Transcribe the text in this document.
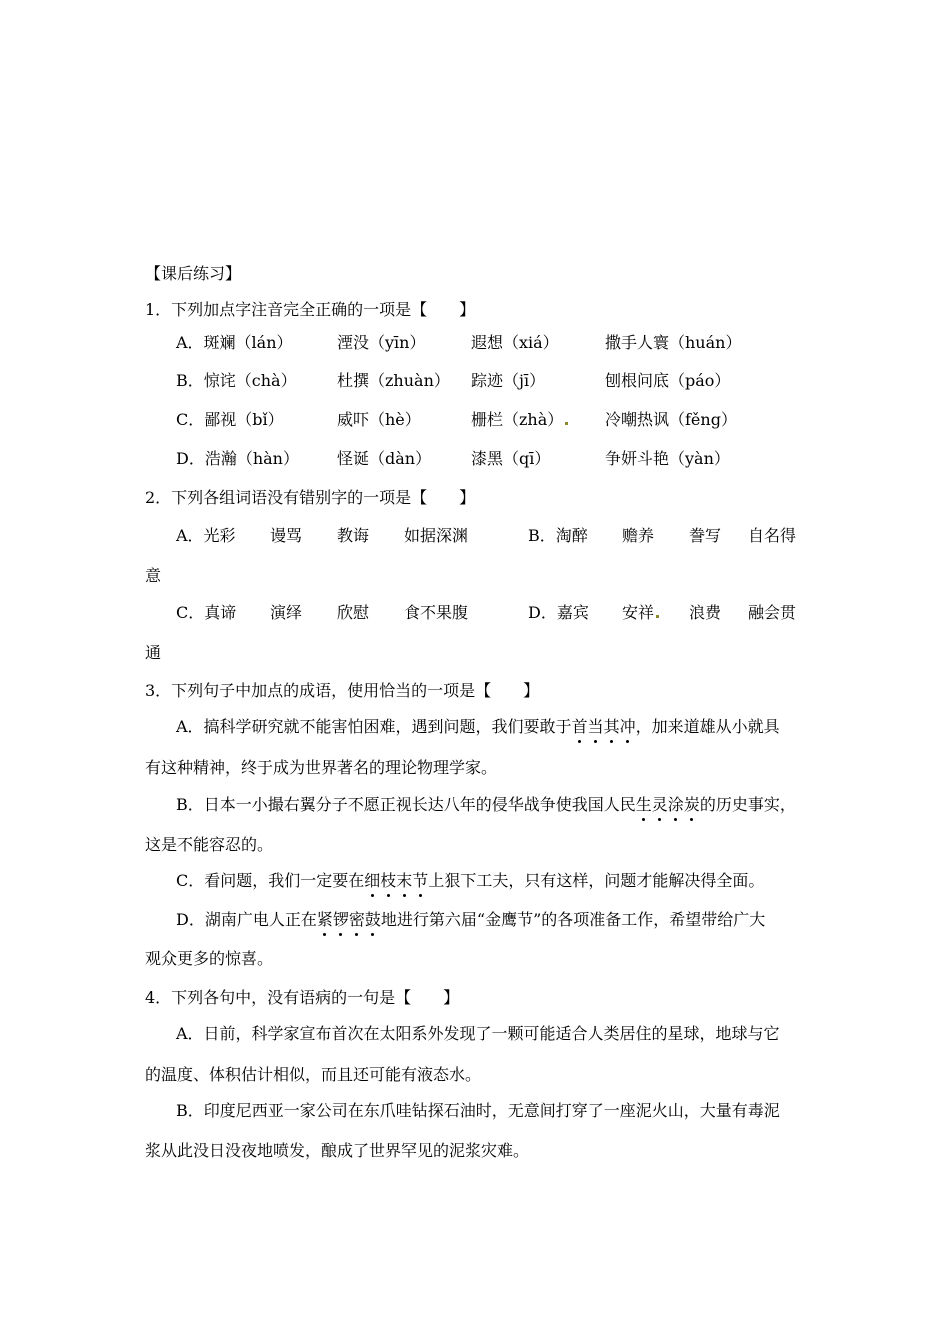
【课后练习】
1．下列加点字注音完全正确的一项是【　　】
A．斑斓（lán）	湮没（yīn）	遐想（xiá）	撒手人寰（huán）
B．惊诧（chà）	杜撰（zhuàn） 踪迹（jī）	刨根问底（páo）
C．鄙视（bǐ）	威吓（hè）	栅栏（zhà）	冷嘲热讽（fěng）
D．浩瀚（hàn） 怪诞（dàn） 漆黑（qī）	争妍斗艳（yàn）
2．下列各组词语没有错别字的一项是【　　】
A．光彩 谩骂 教诲 如据深渊	B．淘醉 赡养 誊写 自名得
意
C．真谛 演绎 欣慰 食不果腹	D．嘉宾 安祥	浪费 融会贯
通
3．下列句子中加点的成语，使用恰当的一项是【　　】
A．搞科学研究就不能害怕困难，遇到问题，我们要敢于首当其冲，加来道雄从小就具
有这种精神，终于成为世界著名的理论物理学家。
B．日本一小撮右翼分子不愿正视长达八年的侵华战争使我国人民生灵涂炭的历史事实，
这是不能容忍的。
C．看问题，我们一定要在细枝末节上狠下工夫，只有这样，问题才能解决得全面。
D．湖南广电人正在紧锣密鼓地进行第六届“金鹰节”的各项准备工作，希望带给广大
观众更多的惊喜。
4．下列各句中，没有语病的一句是【　　】
A．日前，科学家宣布首次在太阳系外发现了一颗可能适合人类居住的星球，地球与它
的温度、体积估计相似，而且还可能有液态水。
B．印度尼西亚一家公司在东爪哇钻探石油时，无意间打穿了一座泥火山，大量有毒泥
浆从此没日没夜地喷发，酿成了世界罕见的泥浆灾难。
